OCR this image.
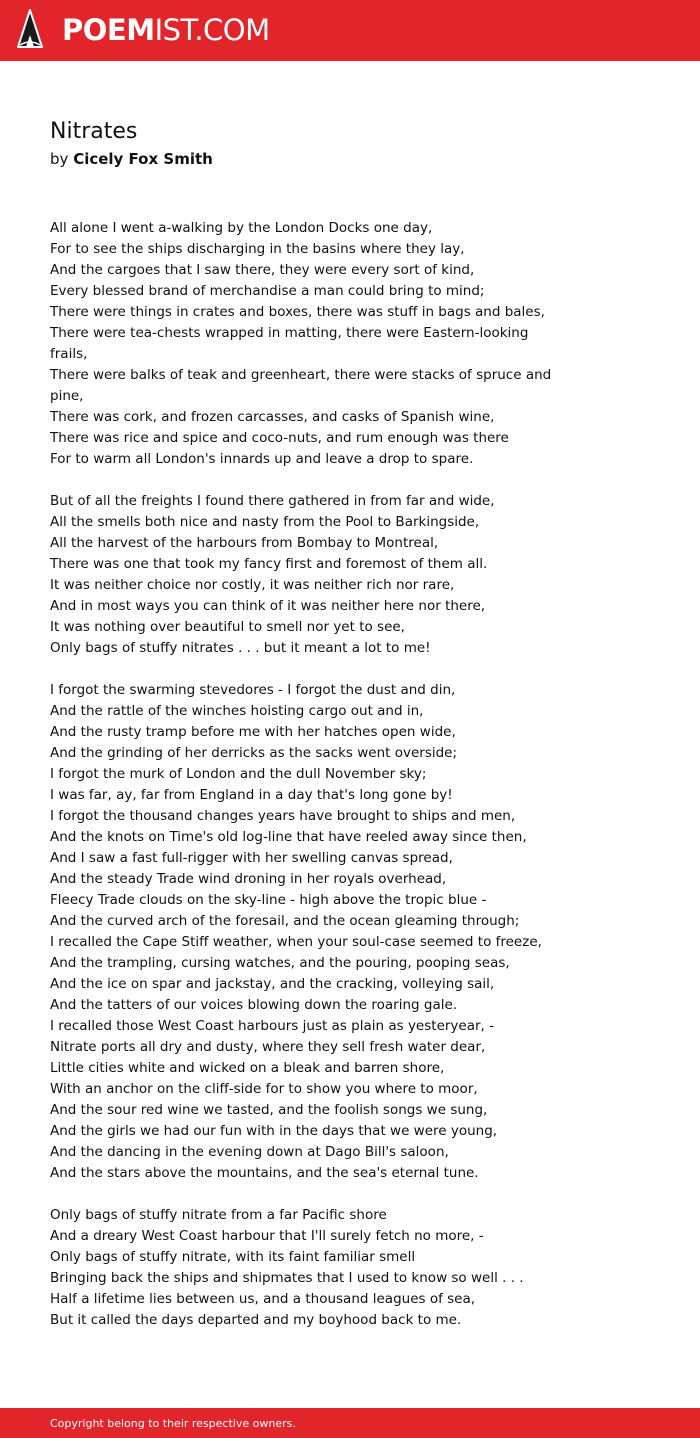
POEMIST.COM
Nitrates
by Cicely Fox Smith
All alone I went a-walking by the London Docks one day,
For to see the ships discharging in the basins where they lay,
And the cargoes that I saw there, they were every sort of kind,
Every blessed brand of merchandise a man could bring to mind;
There were things in crates and boxes, there was stuff in bags and bales,
There were tea-chests wrapped in matting, there were Eastern-looking
frails,
There were balks of teak and greenheart, there were stacks of spruce and
pine,
There was cork, and frozen carcasses, and casks of Spanish wine,
There was rice and spice and coco-nuts, and rum enough was there
For to warm all London's innards up and leave a drop to spare.
But of all the freights I found there gathered in from far and wide,
All the smells both nice and nasty from the Pool to Barkingside,
All the harvest of the harbours from Bombay to Montreal,
There was one that took my fancy first and foremost of them all.
It was neither choice nor costly, it was neither rich nor rare,
And in most ways you can think of it was neither here nor there,
It was nothing over beautiful to smell nor yet to see,
Only bags of stuffy nitrates . . . but it meant a lot to me!
I forgot the swarming stevedores - I forgot the dust and din,
And the rattle of the winches hoisting cargo out and in,
And the rusty tramp before me with her hatches open wide,
And the grinding of her derricks as the sacks went overside;
I forgot the murk of London and the dull November sky;
I was far, ay, far from England in a day that's long gone by!
I forgot the thousand changes years have brought to ships and men,
And the knots on Time's old log-line that have reeled away since then,
And I saw a fast full-rigger with her swelling canvas spread,
And the steady Trade wind droning in her royals overhead,
Fleecy Trade clouds on the sky-line - high above the tropic blue -
And the curved arch of the foresail, and the ocean gleaming through;
I recalled the Cape Stiff weather, when your soul-case seemed to freeze,
And the trampling, cursing watches, and the pouring, pooping seas,
And the ice on spar and jackstay, and the cracking, volleying sail,
And the tatters of our voices blowing down the roaring gale.
I recalled those West Coast harbours just as plain as yesteryear, -
Nitrate ports all dry and dusty, where they sell fresh water dear,
Little cities white and wicked on a bleak and barren shore,
With an anchor on the cliff-side for to show you where to moor,
And the sour red wine we tasted, and the foolish songs we sung,
And the girls we had our fun with in the days that we were young,
And the dancing in the evening down at Dago Bill's saloon,
And the stars above the mountains, and the sea's eternal tune.
Only bags of stuffy nitrate from a far Pacific shore
And a dreary West Coast harbour that I'll surely fetch no more, -
Only bags of stuffy nitrate, with its faint familiar smell
Bringing back the ships and shipmates that I used to know so well . . .
Half a lifetime lies between us, and a thousand leagues of sea,
But it called the days departed and my boyhood back to me.
Copyright belong to their respective owners.
